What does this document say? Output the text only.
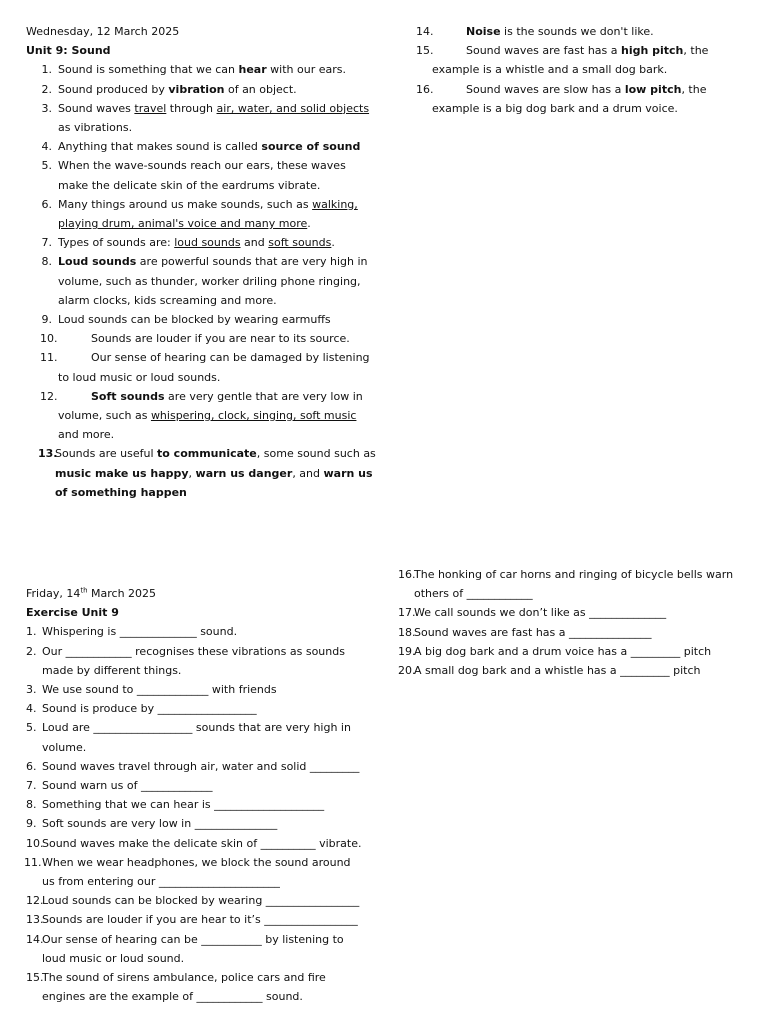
Wednesday, 12 March 2025
Unit 9: Sound
1. Sound is something that we can hear with our ears.
2. Sound produced by vibration of an object.
3. Sound waves travel through air, water, and solid objects as vibrations.
4. Anything that makes sound is called source of sound
5. When the wave-sounds reach our ears, these waves make the delicate skin of the eardrums vibrate.
6. Many things around us make sounds, such as walking, playing drum, animal's voice and many more.
7. Types of sounds are: loud sounds and soft sounds.
8. Loud sounds are powerful sounds that are very high in volume, such as thunder, worker driling phone ringing, alarm clocks, kids screaming and more.
9. Loud sounds can be blocked by wearing earmuffs
10.	Sounds are louder if you are near to its source.
11.	Our sense of hearing can be damaged by listening to loud music or loud sounds.
12.	Soft sounds are very gentle that are very low in volume, such as whispering, clock, singing, soft music and more.
13.
Sounds are useful to communicate, some sound such as music make us happy, warn us danger, and warn us of something happen
14.	Noise is the sounds we don't like.
15.	Sound waves are fast has a high pitch, the example is a whistle and a small dog bark.
16.	Sound waves are slow has a low pitch, the example is a big dog bark and a drum voice.
Friday, 14th March 2025
Exercise Unit 9
1. Whispering is ______________ sound.
2. Our ____________ recognises these vibrations as sounds made by different things.
3. We use sound to _____________ with friends
4. Sound is produce by __________________
5. Loud are __________________ sounds that are very high in volume.
6. Sound waves travel through air, water and solid _________
7. Sound warn us of _____________
8. Something that we can hear is ____________________
9. Soft sounds are very low in _______________
10.
Sound waves make the delicate skin of __________ vibrate.
11. When we wear headphones, we block the sound around us from entering our ______________________
12.
Loud sounds can be blocked by wearing _________________
13.
Sounds are louder if you are hear to it’s _________________
14.
Our sense of hearing can be ___________ by listening to loud music or loud sound.
15.
The sound of sirens ambulance, police cars and fire engines are the example of ____________ sound.
16.
The honking of car horns and ringing of bicycle bells warn others of ____________
17.
We call sounds we don’t like as ______________
18.
Sound waves are fast has a _______________
19.
A big dog bark and a drum voice has a _________ pitch
20.
A small dog bark and a whistle has a _________ pitch
